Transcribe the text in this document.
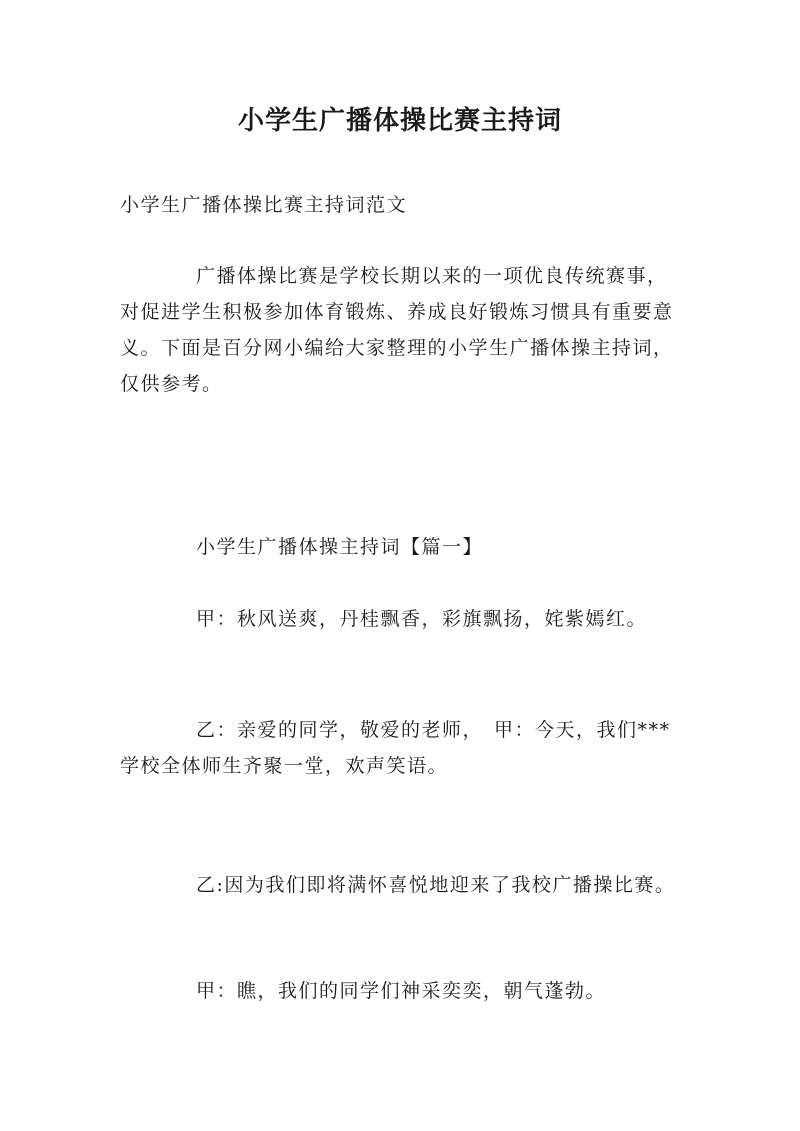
小学生广播体操比赛主持词
小学生广播体操比赛主持词范文
广播体操比赛是学校长期以来的一项优良传统赛事，对促进学生积极参加体育锻炼、养成良好锻炼习惯具有重要意义。下面是百分网小编给大家整理的小学生广播体操主持词，仅供参考。
小学生广播体操主持词【篇一】
甲：秋风送爽，丹桂飘香，彩旗飘扬，姹紫嫣红。
乙：亲爱的同学，敬爱的老师，　甲：今天，我们***学校全体师生齐聚一堂，欢声笑语。
乙:因为我们即将满怀喜悦地迎来了我校广播操比赛。
甲：瞧，我们的同学们神采奕奕，朝气蓬勃。
